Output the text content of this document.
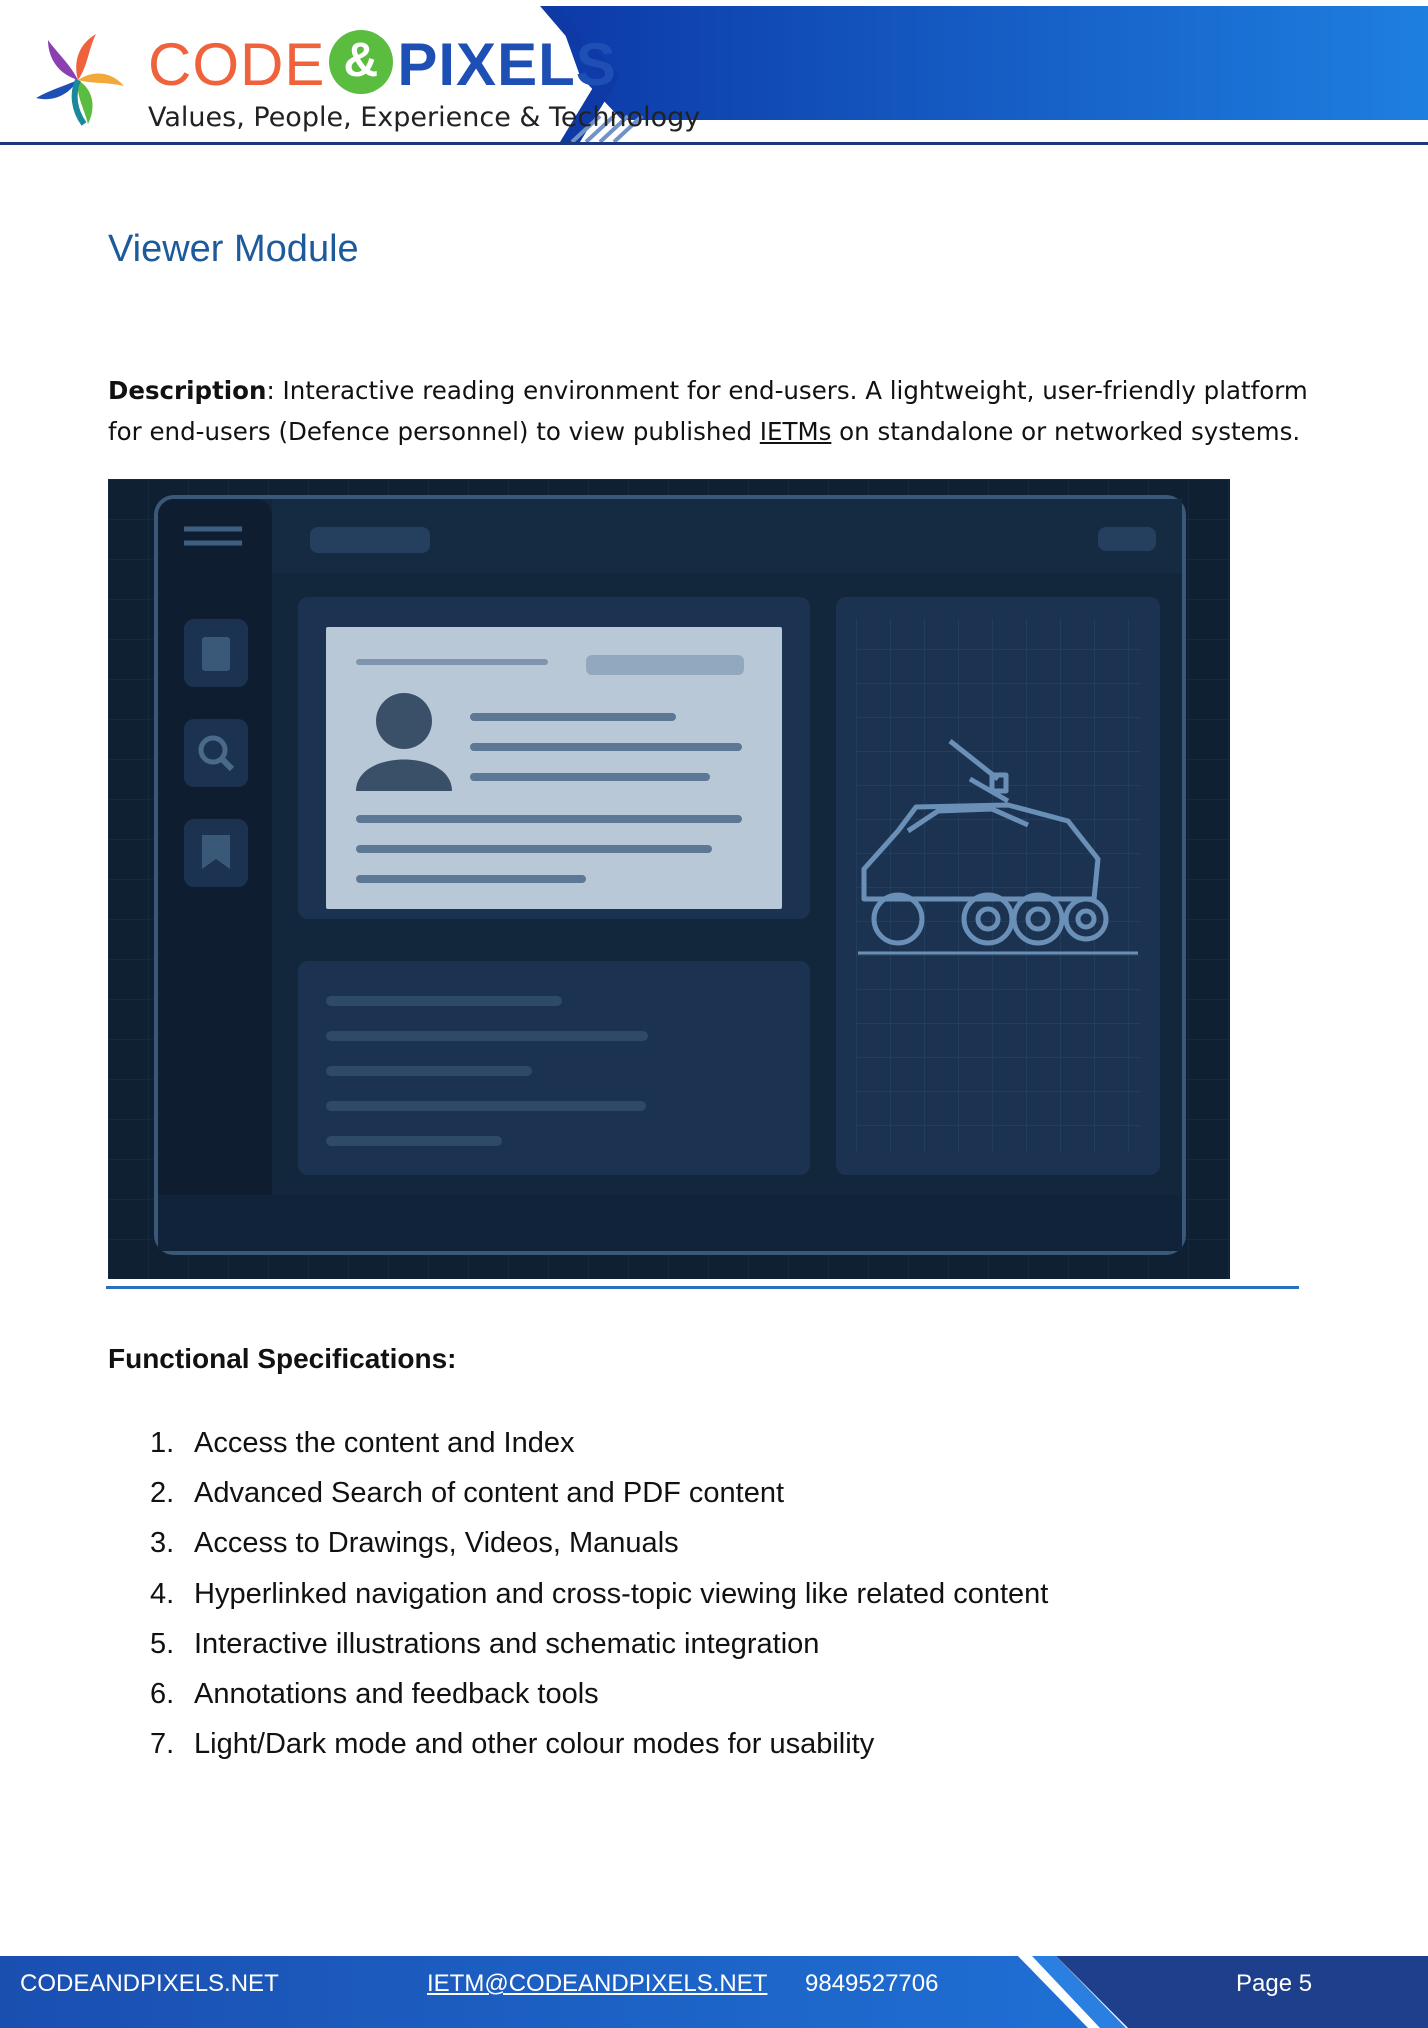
CODE & PIXELS
Values, People, Experience & Technology
Viewer Module
Description: Interactive reading environment for end-users. A lightweight, user-friendly platform for end-users (Defence personnel) to view published IETMs on standalone or networked systems.
Functional Specifications:
1. Access the content and Index
2. Advanced Search of content and PDF content
3. Access to Drawings, Videos, Manuals
4. Hyperlinked navigation and cross-topic viewing like related content
5. Interactive illustrations and schematic integration
6. Annotations and feedback tools
7. Light/Dark mode and other colour modes for usability
CODEANDPIXELS.NET	IETM@CODEANDPIXELS.NET 9849527706	Page 5
